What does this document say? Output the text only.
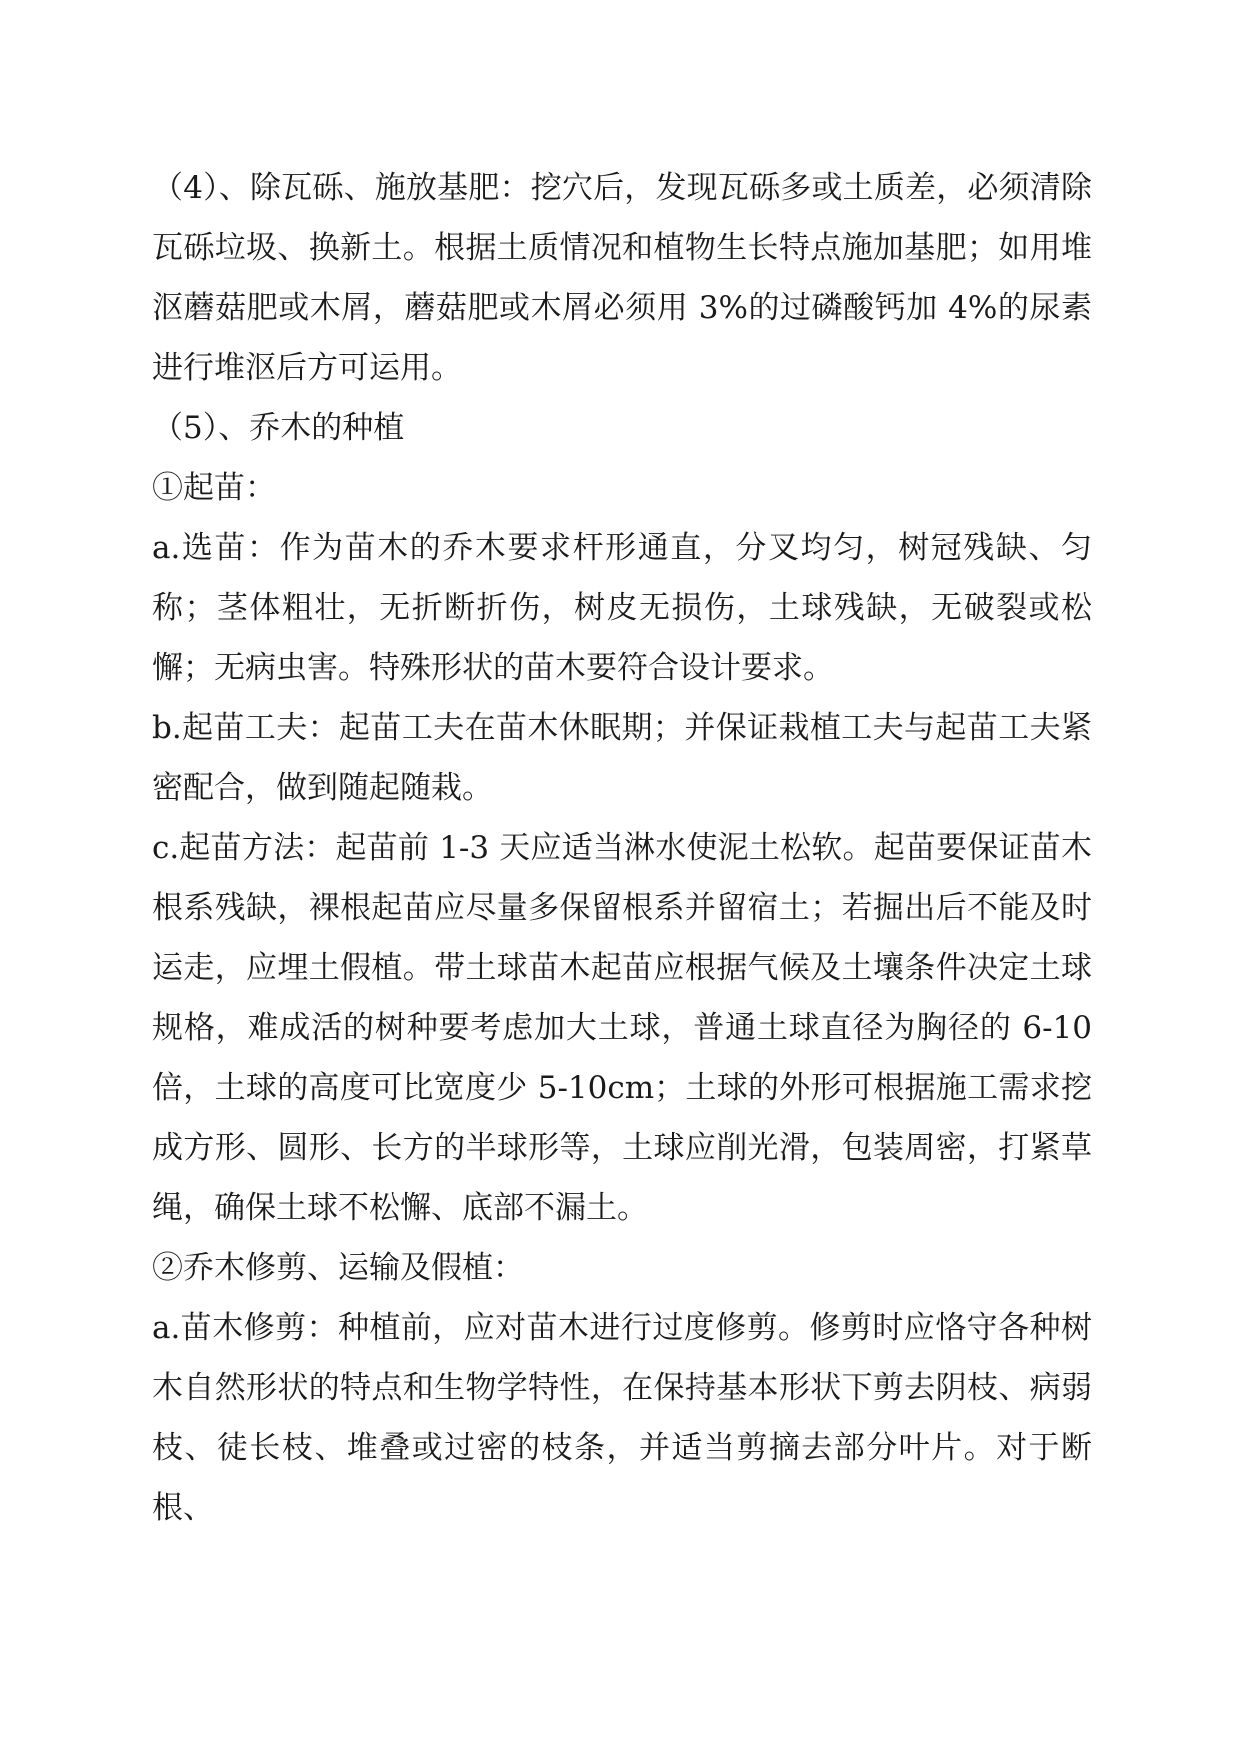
（4）、除瓦砾、施放基肥：挖穴后，发现瓦砾多或土质差，必须清除瓦砾垃圾、换新土。根据土质情况和植物生长特点施加基肥；如用堆沤蘑菇肥或木屑，蘑菇肥或木屑必须用 3%的过磷酸钙加 4%的尿素进行堆沤后方可运用。

（5）、乔木的种植

①起苗：

a.选苗：作为苗木的乔木要求杆形通直，分叉均匀，树冠残缺、匀称；茎体粗壮，无折断折伤，树皮无损伤，土球残缺，无破裂或松懈；无病虫害。特殊形状的苗木要符合设计要求。

b.起苗工夫：起苗工夫在苗木休眠期；并保证栽植工夫与起苗工夫紧密配合，做到随起随栽。

c.起苗方法：起苗前 1-3 天应适当淋水使泥土松软。起苗要保证苗木根系残缺，裸根起苗应尽量多保留根系并留宿土；若掘出后不能及时运走，应埋土假植。带土球苗木起苗应根据气候及土壤条件决定土球规格，难成活的树种要考虑加大土球，普通土球直径为胸径的 6-10 倍，土球的高度可比宽度少 5-10cm；土球的外形可根据施工需求挖成方形、圆形、长方的半球形等，土球应削光滑，包装周密，打紧草绳，确保土球不松懈、底部不漏土。

②乔木修剪、运输及假植：

a.苗木修剪：种植前，应对苗木进行过度修剪。修剪时应恪守各种树木自然形状的特点和生物学特性，在保持基本形状下剪去阴枝、病弱枝、徒长枝、堆叠或过密的枝条，并适当剪摘去部分叶片。对于断根、
